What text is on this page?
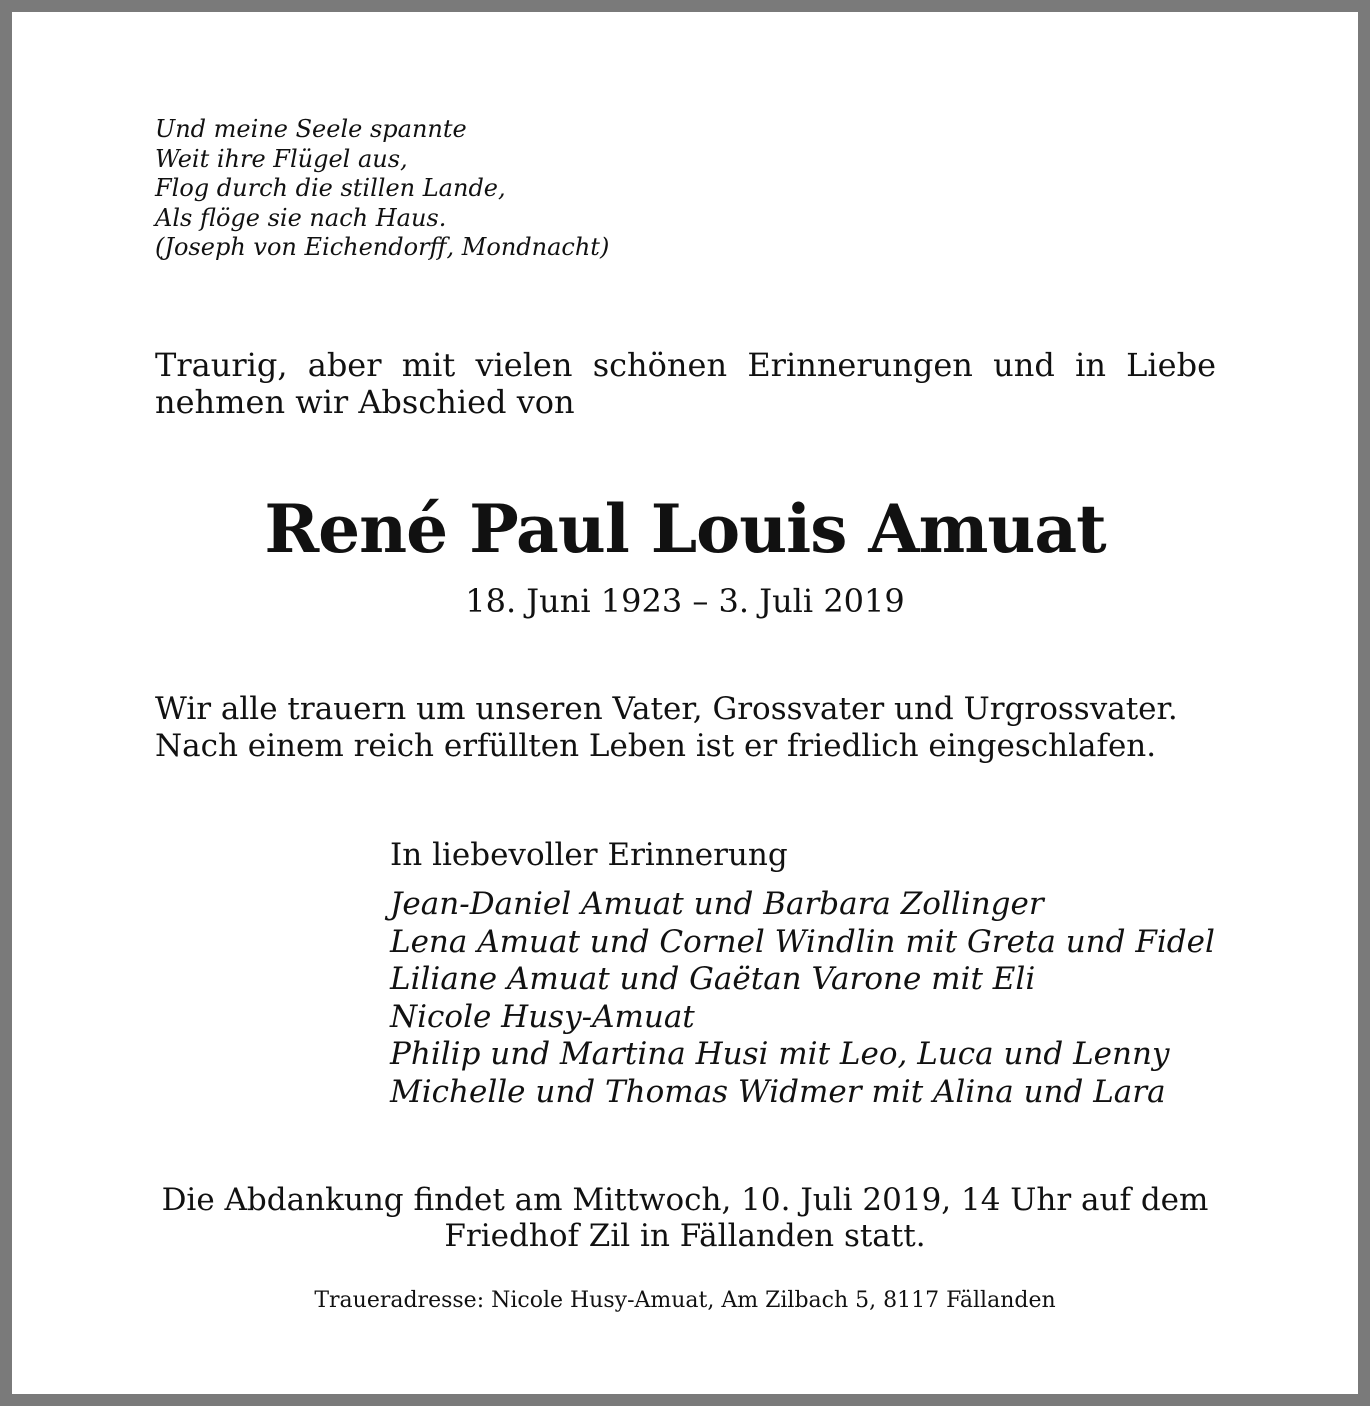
Und meine Seele spannte
Weit ihre Flügel aus,
Flog durch die stillen Lande,
Als flöge sie nach Haus.
(Joseph von Eichendorff, Mondnacht)
Traurig, aber mit vielen schönen Erinnerungen und in Liebe
nehmen wir Abschied von
René Paul Louis Amuat
18. Juni 1923 – 3. Juli 2019
Wir alle trauern um unseren Vater, Grossvater und Urgrossvater.
Nach einem reich erfüllten Leben ist er friedlich eingeschlafen.
In liebevoller Erinnerung
Jean-Daniel Amuat und Barbara Zollinger
Lena Amuat und Cornel Windlin mit Greta und Fidel
Liliane Amuat und Gaëtan Varone mit Eli
Nicole Husy-Amuat
Philip und Martina Husi mit Leo, Luca und Lenny
Michelle und Thomas Widmer mit Alina und Lara
Die Abdankung findet am Mittwoch, 10. Juli 2019, 14 Uhr auf dem
Friedhof Zil in Fällanden statt.
Traueradresse: Nicole Husy-Amuat, Am Zilbach 5, 8117 Fällanden
